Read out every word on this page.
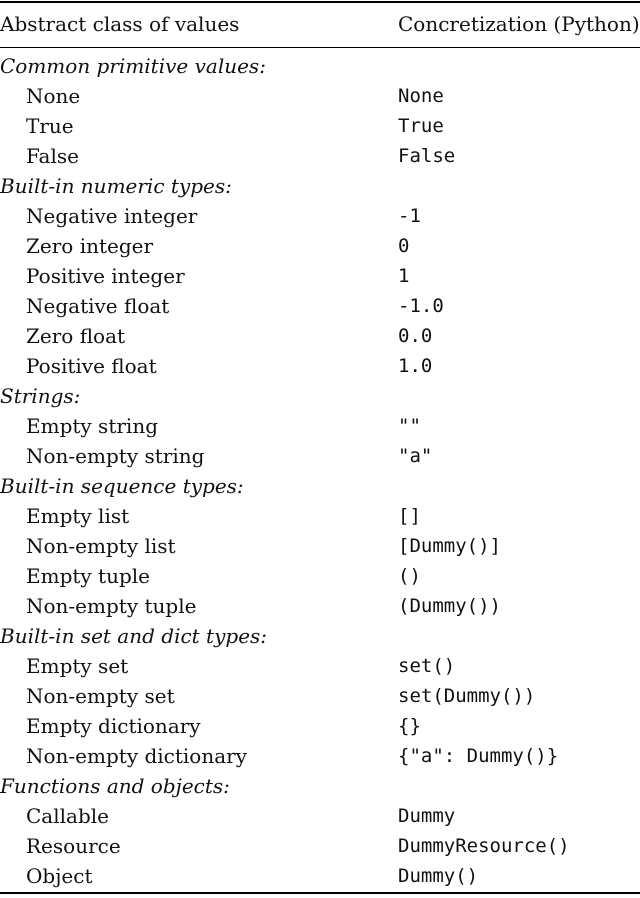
Abstract class of values	Concretization (Python)
Common primitive values:
None	None
True	True
False	False
Built-in numeric types:
Negative integer	-1
Zero integer	0
Positive integer	1
Negative float	-1.0
Zero float	0.0
Positive float	1.0
Strings:
Empty string	""
Non-empty string	"a"
Built-in sequence types:
Empty list	[]
Non-empty list	[Dummy()]
Empty tuple	()
Non-empty tuple	(Dummy())
Built-in set and dict types:
Empty set	set()
Non-empty set	set(Dummy())
Empty dictionary	{}
Non-empty dictionary	{"a": Dummy()}
Functions and objects:
Callable	Dummy
Resource	DummyResource()
Object	Dummy()
